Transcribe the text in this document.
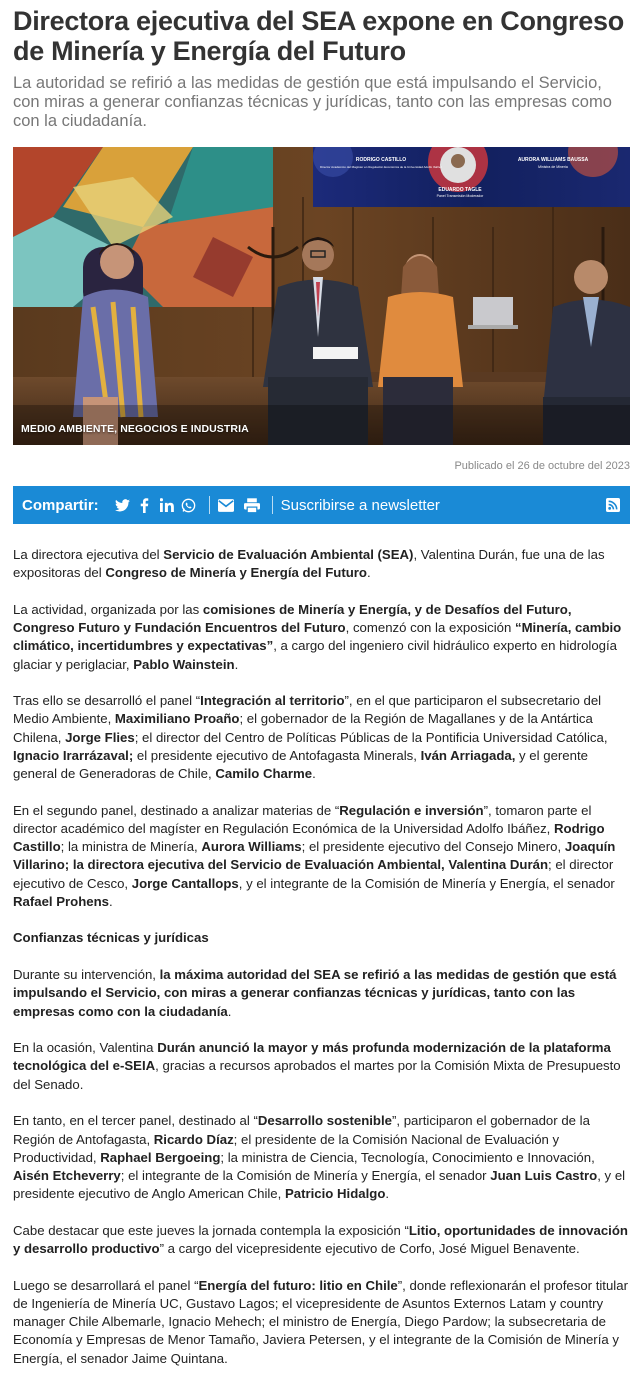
Directora ejecutiva del SEA expone en Congreso de Minería y Energía del Futuro

La autoridad se refirió a las medidas de gestión que está impulsando el Servicio, con miras a generar confianzas técnicas y jurídicas, tanto con las empresas como con la ciudadanía.

RODRIGO CASTILLO
Director Académico del Magíster en Regulación Económica de la Universidad Adolfo Ibáñez
EDUARDO TAGLE
Panel Transmisión Moderador
AURORA WILLIAMS BAUSSA
Ministra de Minería
MEDIO AMBIENTE, NEGOCIOS E INDUSTRIA
Publicado el 26 de octubre del 2023
Compartir:	Suscribirse a newsletter

La directora ejecutiva del Servicio de Evaluación Ambiental (SEA), Valentina Durán, fue una de las expositoras del Congreso de Minería y Energía del Futuro.

La actividad, organizada por las comisiones de Minería y Energía, y de Desafíos del Futuro, Congreso Futuro y Fundación Encuentros del Futuro, comenzó con la exposición “Minería, cambio climático, incertidumbres y expectativas”, a cargo del ingeniero civil hidráulico experto en hidrología glaciar y periglaciar, Pablo Wainstein.

Tras ello se desarrolló el panel “Integración al territorio”, en el que participaron el subsecretario del Medio Ambiente, Maximiliano Proaño; el gobernador de la Región de Magallanes y de la Antártica Chilena, Jorge Flies; el director del Centro de Políticas Públicas de la Pontificia Universidad Católica, Ignacio Irarrázaval; el presidente ejecutivo de Antofagasta Minerals, Iván Arriagada, y el gerente general de Generadoras de Chile, Camilo Charme.

En el segundo panel, destinado a analizar materias de “Regulación e inversión”, tomaron parte el director académico del magíster en Regulación Económica de la Universidad Adolfo Ibáñez, Rodrigo Castillo; la ministra de Minería, Aurora Williams; el presidente ejecutivo del Consejo Minero, Joaquín Villarino; la directora ejecutiva del Servicio de Evaluación Ambiental, Valentina Durán; el director ejecutivo de Cesco, Jorge Cantallops, y el integrante de la Comisión de Minería y Energía, el senador Rafael Prohens.

Confianzas técnicas y jurídicas

Durante su intervención, la máxima autoridad del SEA se refirió a las medidas de gestión que está impulsando el Servicio, con miras a generar confianzas técnicas y jurídicas, tanto con las empresas como con la ciudadanía.

En la ocasión, Valentina Durán anunció la mayor y más profunda modernización de la plataforma tecnológica del e-SEIA, gracias a recursos aprobados el martes por la Comisión Mixta de Presupuesto del Senado.

En tanto, en el tercer panel, destinado al “Desarrollo sostenible”, participaron el gobernador de la Región de Antofagasta, Ricardo Díaz; el presidente de la Comisión Nacional de Evaluación y Productividad, Raphael Bergoeing; la ministra de Ciencia, Tecnología, Conocimiento e Innovación, Aisén Etcheverry; el integrante de la Comisión de Minería y Energía, el senador Juan Luis Castro, y el presidente ejecutivo de Anglo American Chile, Patricio Hidalgo.

Cabe destacar que este jueves la jornada contempla la exposición “Litio, oportunidades de innovación y desarrollo productivo” a cargo del vicepresidente ejecutivo de Corfo, José Miguel Benavente.

Luego se desarrollará el panel “Energía del futuro: litio en Chile”, donde reflexionarán el profesor titular de Ingeniería de Minería UC, Gustavo Lagos; el vicepresidente de Asuntos Externos Latam y country manager Chile Albemarle, Ignacio Mehech; el ministro de Energía, Diego Pardow; la subsecretaria de Economía y Empresas de Menor Tamaño, Javiera Petersen, y el integrante de la Comisión de Minería y Energía, el senador Jaime Quintana.
